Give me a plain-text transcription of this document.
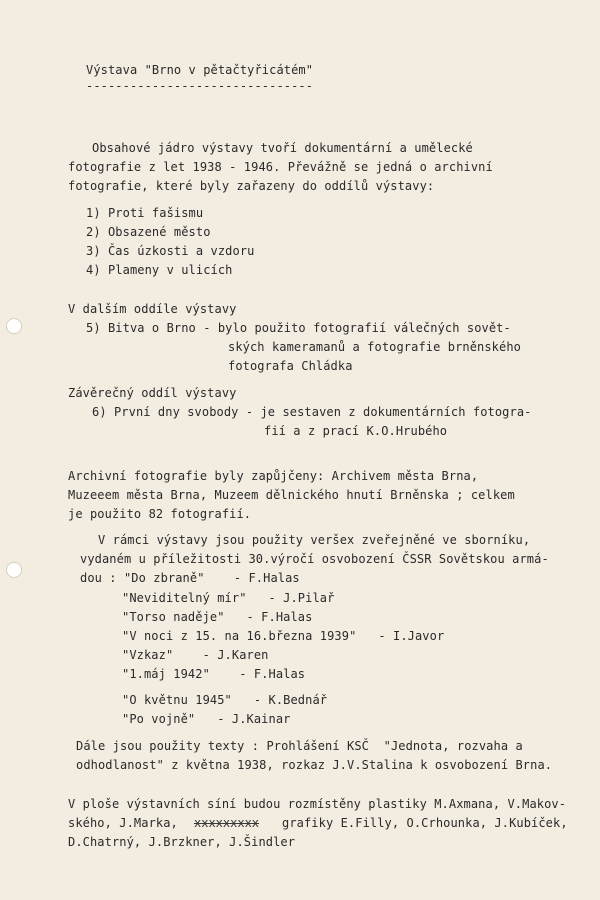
Výstava "Brno v pětačtyřicátém"
-------------------------------
Obsahové jádro výstavy tvoří dokumentární a umělecké
fotografie z let 1938 - 1946. Převážně se jedná o archivní
fotografie, které byly zařazeny do oddílů výstavy:
1) Proti fašismu
2) Obsazené město
3) Čas úzkosti a vzdoru
4) Plameny v ulicích
V dalším oddíle výstavy
5) Bitva o Brno - bylo použito fotografií válečných sovět-
ských kameramanů a fotografie brněnského
fotografa Chládka
Závěrečný oddíl výstavy
6) První dny svobody - je sestaven z dokumentárních fotogra-
fií a z prací K.O.Hrubého
Archivní fotografie byly zapůjčeny: Archivem města Brna,
Muzeeem města Brna, Muzeem dělnického hnutí Brněnska ; celkem
je použito 82 fotografií.
V rámci výstavy jsou použity veršex zveřejněné ve sborníku,
vydaném u příležitosti 30.výročí osvobození ČSSR Sovětskou armá-
dou : "Do zbraně"    - F.Halas
"Neviditelný mír"   - J.Pilař
"Torso naděje"   - F.Halas
"V noci z 15. na 16.března 1939"   - I.Javor
"Vzkaz"    - J.Karen
"1.máj 1942"    - F.Halas
"O květnu 1945"   - K.Bednář
"Po vojně"   - J.Kainar
Dále jsou použity texty : Prohlášení KSČ  "Jednota, rozvaha a
odhodlanost" z května 1938, rozkaz J.V.Stalina k osvobození Brna.
V ploše výstavních síní budou rozmístěny plastiky M.Axmana, V.Makov-
ského, J.Marka, xxxxxxxxx grafiky E.Filly, O.Crhounka, J.Kubíček,
D.Chatrný, J.Brzkner, J.Šindler
